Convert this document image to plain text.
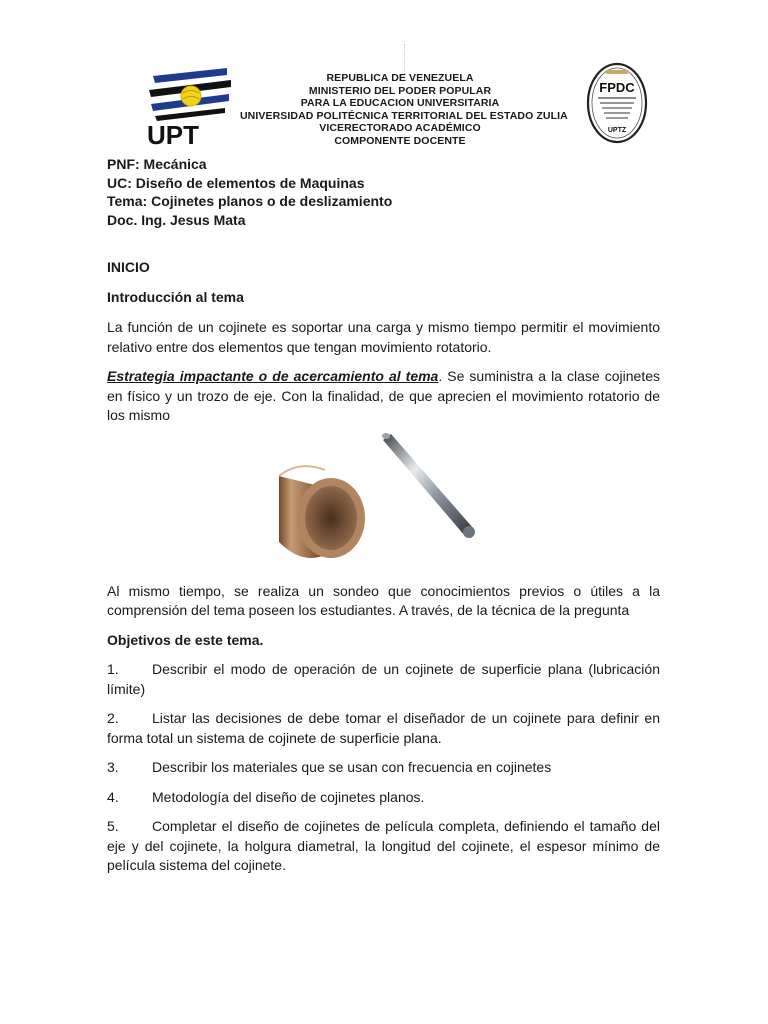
UPT
REPUBLICA DE VENEZUELA
MINISTERIO DEL PODER POPULAR
PARA LA EDUCACION UNIVERSITARIA
UNIVERSIDAD POLITÉCNICA TERRITORIAL DEL ESTADO ZULIA
VICERECTORADO ACADÉMICO
COMPONENTE DOCENTE
FPDC
UPTZ
PNF: Mecánica
UC: Diseño de elementos de Maquinas
Tema: Cojinetes planos o de deslizamiento
Doc. Ing. Jesus Mata
INICIO
Introducción al tema

La función de un cojinete es soportar una carga y mismo tiempo permitir el movimiento relativo entre dos elementos que tengan movimiento rotatorio.

Estrategia impactante o de acercamiento al tema. Se suministra a la clase cojinetes en físico y un trozo de eje. Con la finalidad, de que aprecien el movimiento rotatorio de los mismo

Al mismo tiempo, se realiza un sondeo que conocimientos previos o útiles a la comprensión del tema poseen los estudiantes. A través, de la técnica de la pregunta

Objetivos de este tema.
1. Describir el modo de operación de un cojinete de superficie plana (lubricación límite)
2. Listar las decisiones de debe tomar el diseñador de un cojinete para definir en forma total un sistema de cojinete de superficie plana.
3. Describir los materiales que se usan con frecuencia en cojinetes
4. Metodología del diseño de cojinetes planos.
5. Completar el diseño de cojinetes de película completa, definiendo el tamaño del eje y del cojinete, la holgura diametral, la longitud del cojinete, el espesor mínimo de película sistema del cojinete.
